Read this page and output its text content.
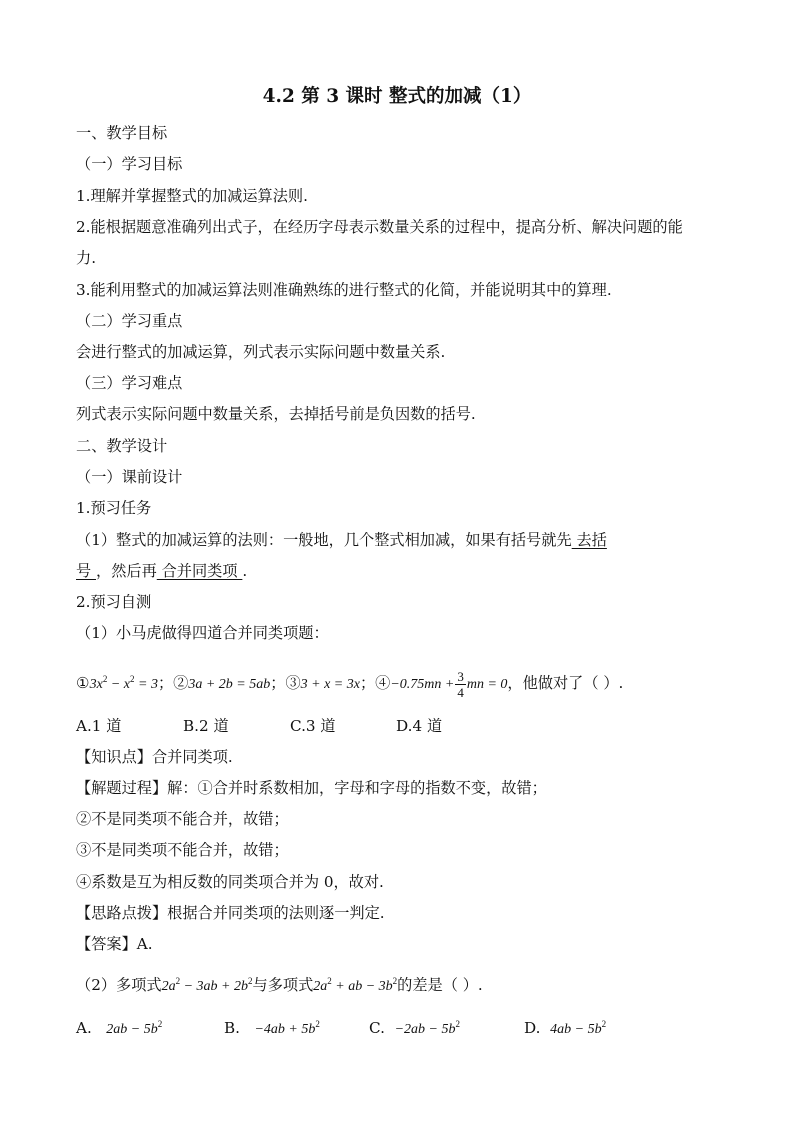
4.2 第 3 课时 整式的加减（1）
一、教学目标
（一）学习目标
1.理解并掌握整式的加减运算法则.
2.能根据题意准确列出式子，在经历字母表示数量关系的过程中，提高分析、解决问题的能
力.
3.能利用整式的加减运算法则准确熟练的进行整式的化简，并能说明其中的算理.
（二）学习重点
会进行整式的加减运算，列式表示实际问题中数量关系.
（三）学习难点
列式表示实际问题中数量关系，去掉括号前是负因数的括号.
二、教学设计
（一）课前设计
1.预习任务
（1）整式的加减运算的法则：一般地，几个整式相加减，如果有括号就先 去括
号 ，然后再 合并同类项 .
2.预习自测
（1）小马虎做得四道合并同类项题：
$①3x^2 - x^2 = 3$；②3a + 2b = 5ab；③3 + x = 3x；④−0.75mn + $\frac{3}{4}$ mn = 0，他做对了（ ）.
A.1 道	B.2 道	C.3 道	D.4 道
【知识点】合并同类项.
【解题过程】解：①合并时系数相加，字母和字母的指数不变，故错；
②不是同类项不能合并，故错；
③不是同类项不能合并，故错；
④系数是互为相反数的同类项合并为 0，故对.
【思路点拨】根据合并同类项的法则逐一判定.
【答案】A.
（2）多项式$2a^2 - 3ab + 2b^2$与多项式$2a^2$ + ab − $3b^2$的差是（ ）.
A. $2ab - 5b^2$	B. $-4ab + 5b^2$	C. $-2ab - 5b^2$	D. $4ab - 5b^2$
